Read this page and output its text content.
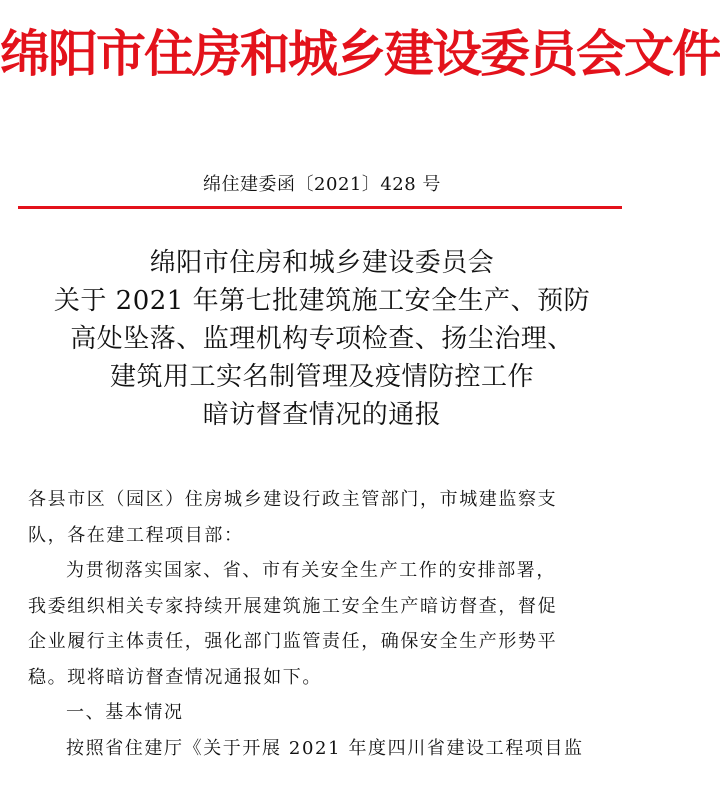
绵阳市住房和城乡建设委员会文件
绵住建委函〔2021〕428 号
绵阳市住房和城乡建设委员会
关于 2021 年第七批建筑施工安全生产、预防
高处坠落、监理机构专项检查、扬尘治理、
建筑用工实名制管理及疫情防控工作
暗访督查情况的通报
各县市区（园区）住房城乡建设行政主管部门，市城建监察支
队，各在建工程项目部：
为贯彻落实国家、省、市有关安全生产工作的安排部署，
我委组织相关专家持续开展建筑施工安全生产暗访督查，督促
企业履行主体责任，强化部门监管责任，确保安全生产形势平
稳。现将暗访督查情况通报如下。
一、基本情况
按照省住建厅《关于开展 2021 年度四川省建设工程项目监
